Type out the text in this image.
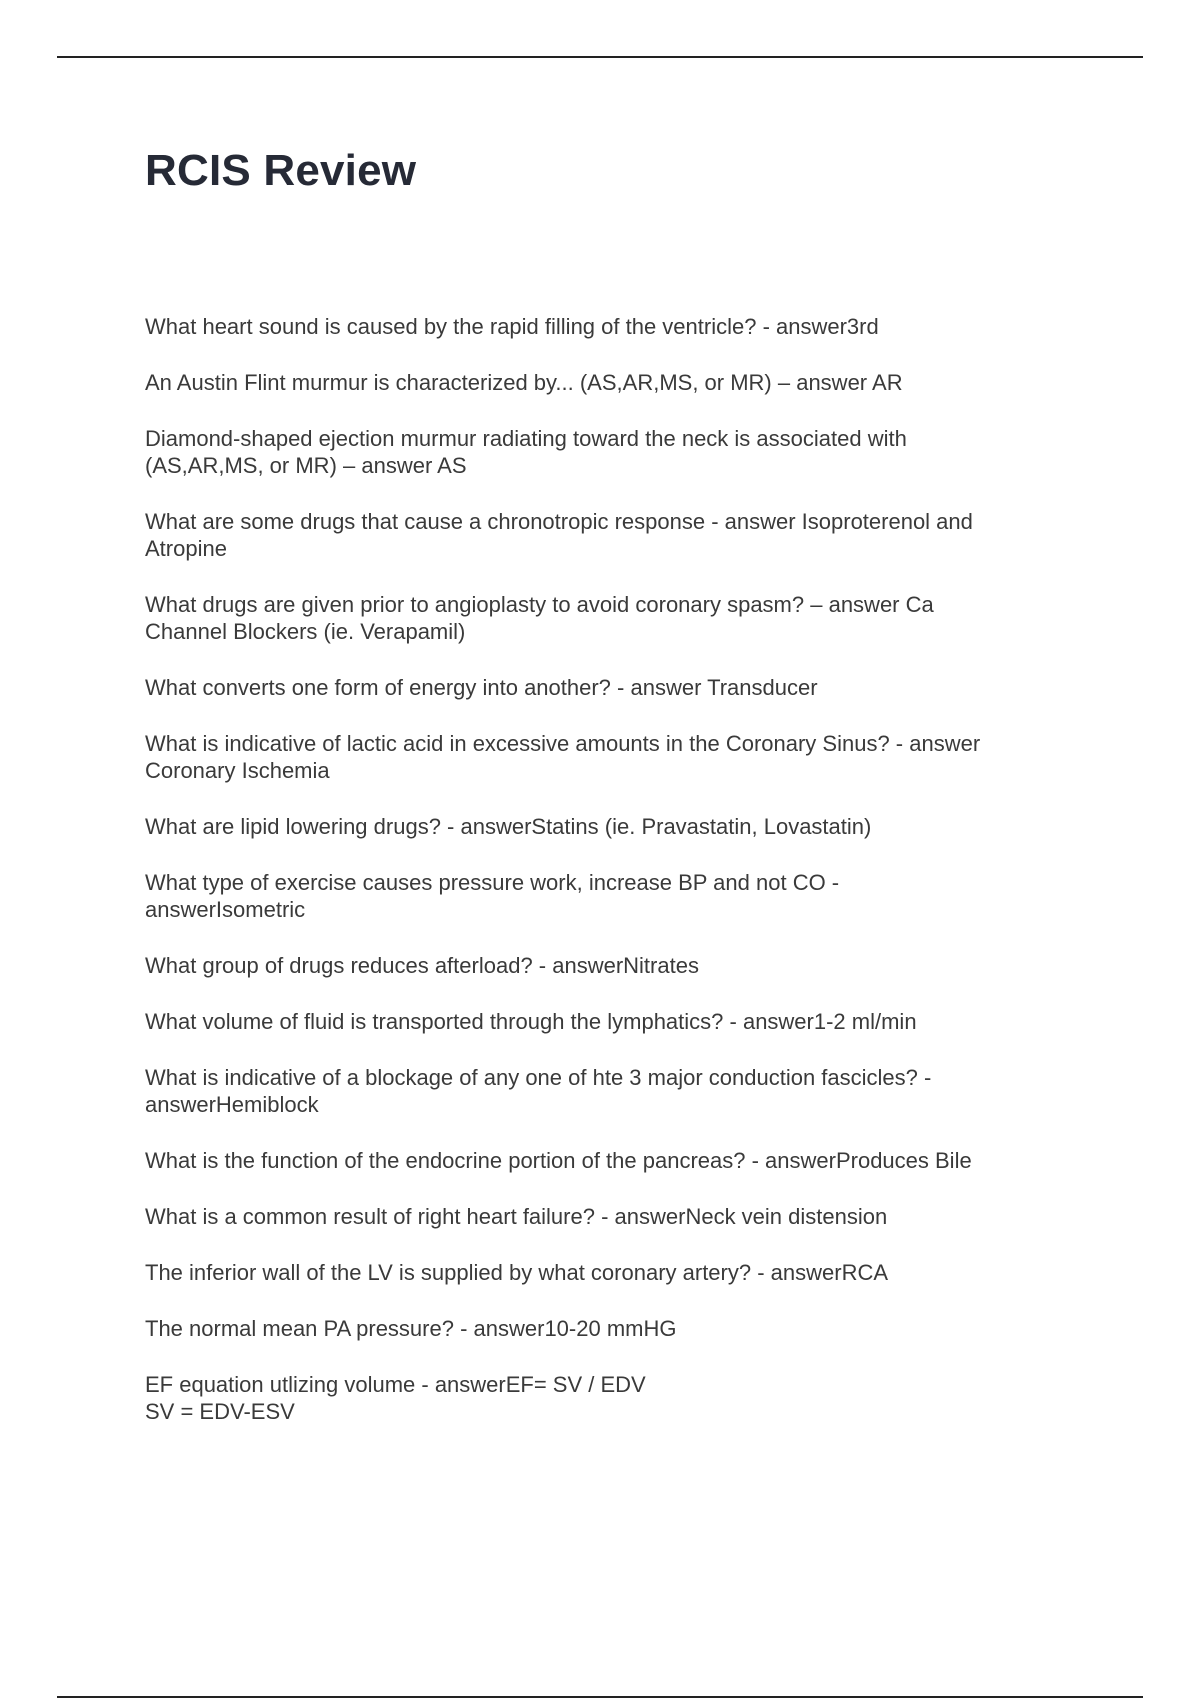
RCIS Review
What heart sound is caused by the rapid filling of the ventricle? - answer3rd
An Austin Flint murmur is characterized by... (AS,AR,MS, or MR) – answer AR
Diamond-shaped ejection murmur radiating toward the neck is associated with
(AS,AR,MS, or MR) – answer AS
What are some drugs that cause a chronotropic response - answer Isoproterenol and
Atropine
What drugs are given prior to angioplasty to avoid coronary spasm? – answer Ca
Channel Blockers (ie. Verapamil)
What converts one form of energy into another? - answer Transducer
What is indicative of lactic acid in excessive amounts in the Coronary Sinus? - answer
Coronary Ischemia
What are lipid lowering drugs? - answerStatins (ie. Pravastatin, Lovastatin)
What type of exercise causes pressure work, increase BP and not CO -
answerIsometric
What group of drugs reduces afterload? - answerNitrates
What volume of fluid is transported through the lymphatics? - answer1-2 ml/min
What is indicative of a blockage of any one of hte 3 major conduction fascicles? -
answerHemiblock
What is the function of the endocrine portion of the pancreas? - answerProduces Bile
What is a common result of right heart failure? - answerNeck vein distension
The inferior wall of the LV is supplied by what coronary artery? - answerRCA
The normal mean PA pressure? - answer10-20 mmHG
EF equation utlizing volume - answerEF= SV / EDV
SV = EDV-ESV
